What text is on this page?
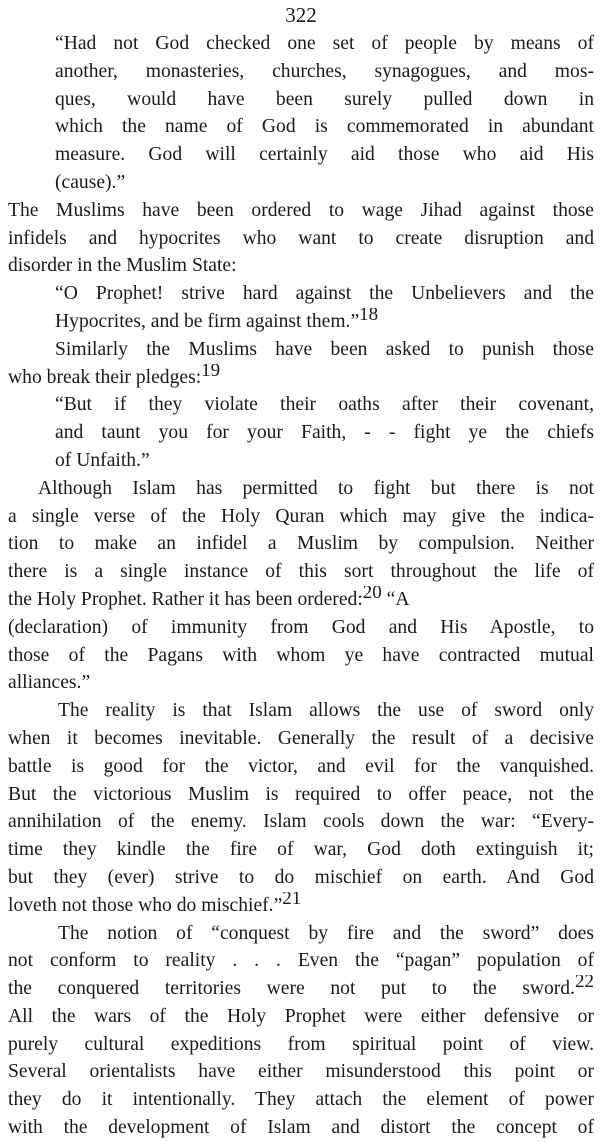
322
“Had not God checked one set of people by means of
another, monasteries, churches, synagogues, and mos-
ques, would have been surely pulled down in
which the name of God is commemorated in abundant
measure. God will certainly aid those who aid His
(cause).”
The Muslims have been ordered to wage Jihad against those
infidels and hypocrites who want to create disruption and
disorder in the Muslim State:
“O Prophet! strive hard against the Unbelievers and the
Hypocrites, and be firm against them.”$^{18}$
Similarly the Muslims have been asked to punish those
who break their pledges:$^{19}$
“But if they violate their oaths after their covenant,
and taunt you for your Faith, - - fight ye the chiefs
of Unfaith.”
Although Islam has permitted to fight but there is not
a single verse of the Holy Quran which may give the indica-
tion to make an infidel a Muslim by compulsion. Neither
there is a single instance of this sort throughout the life of
the Holy Prophet. Rather it has been ordered:$^{20}$ “A
(declaration) of immunity from God and His Apostle, to
those of the Pagans with whom ye have contracted mutual
alliances.”
The reality is that Islam allows the use of sword only
when it becomes inevitable. Generally the result of a decisive
battle is good for the victor, and evil for the vanquished.
But the victorious Muslim is required to offer peace, not the
annihilation of the enemy. Islam cools down the war: “Every-
time they kindle the fire of war, God doth extinguish it;
but they (ever) strive to do mischief on earth. And God
loveth not those who do mischief.”$^{21}$
The notion of “conquest by fire and the sword” does
not conform to reality . . . Even the “pagan” population of
the conquered territories were not put to the sword.$^{22}$
All the wars of the Holy Prophet were either defensive or
purely cultural expeditions from spiritual point of view.
Several orientalists have either misunderstood this point or
they do it intentionally. They attach the element of power
with the development of Islam and distort the concept of
